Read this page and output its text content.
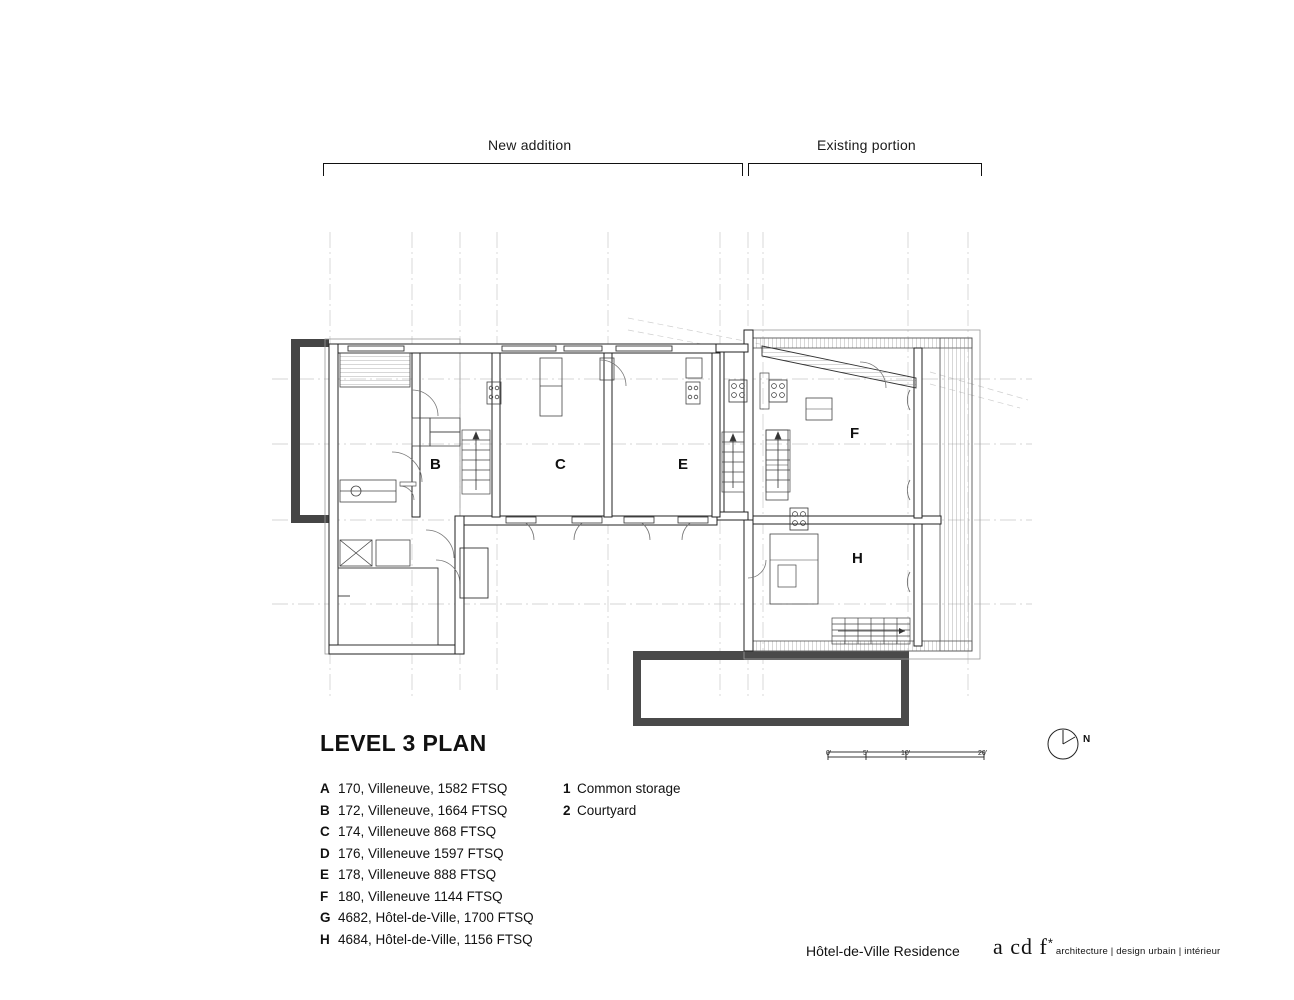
New addition	Existing portion
B	C	E
F
H
LEVEL 3 PLAN
A 170, Villeneuve, 1582 FTSQ
B 172, Villeneuve, 1664 FTSQ
C 174, Villeneuve 868 FTSQ
D 176, Villeneuve 1597 FTSQ
E 178, Villeneuve 888 FTSQ
F 180, Villeneuve 1144 FTSQ
G 4682, Hôtel-de-Ville, 1700 FTSQ
H 4684, Hôtel-de-Ville, 1156 FTSQ
1 Common storage
2 Courtyard
0'	5'	10'	20'
N
Hôtel-de-Ville Residence a cd f*architecture | design urbain | intérieur
